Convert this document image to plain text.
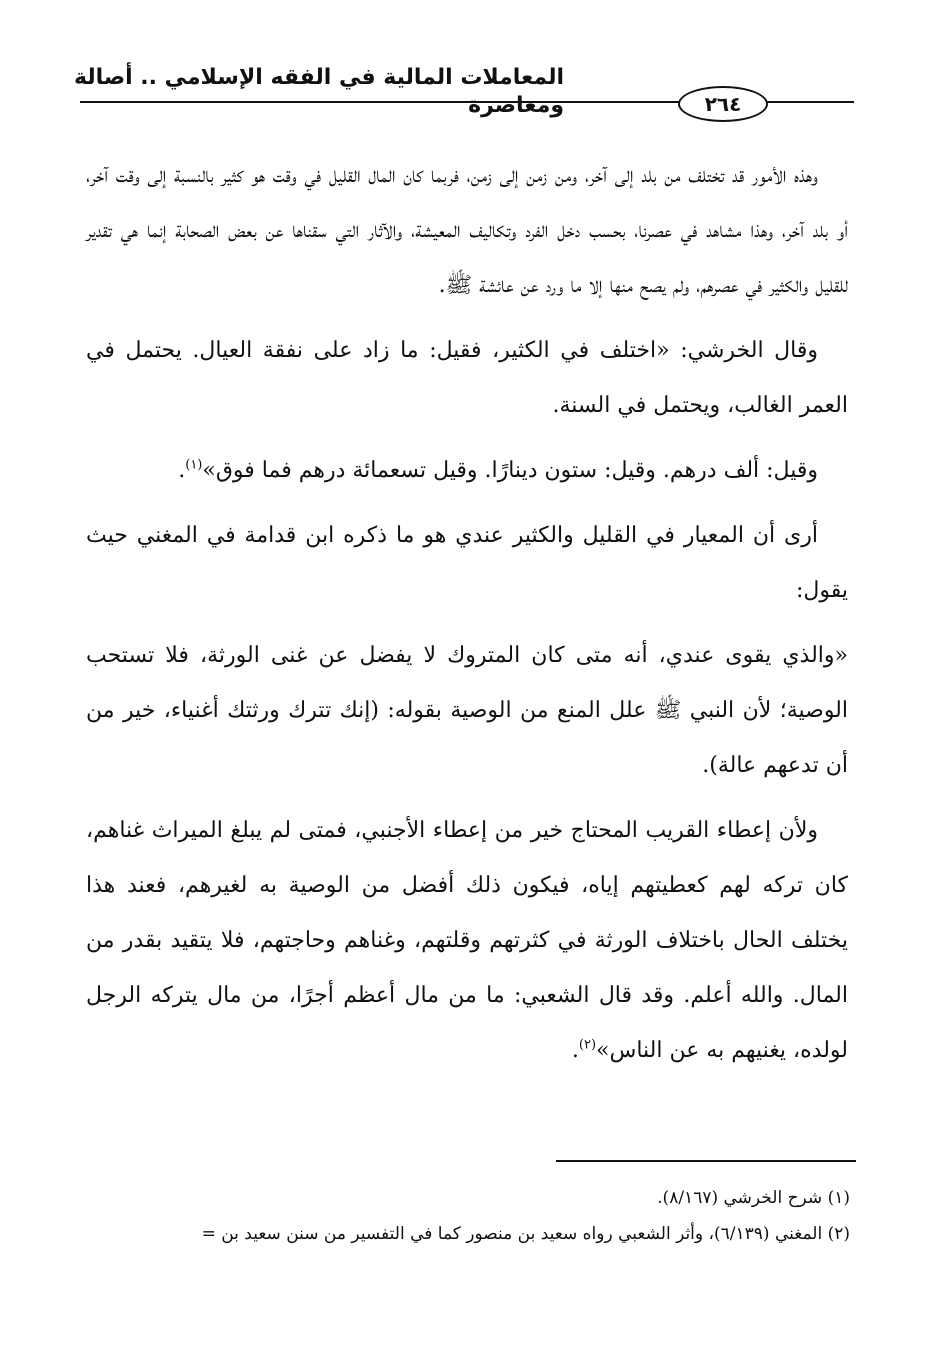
المعاملات المالية في الفقه الإسلامي .. أصالة ومعاصرة	٢٦٤

وهذه الأمور قد تختلف من بلد إلى آخر، ومن زمن إلى زمن، فربما كان المال القليل في وقت هو كثير بالنسبة إلى وقت آخر، أو بلد آخر، وهذا مشاهد في عصرنا، بحسب دخل الفرد وتكاليف المعيشة، والآثار التي سقناها عن بعض الصحابة إنما هي تقدير للقليل والكثير في عصرهم، ولم يصح منها إلا ما ورد عن عائشة ﷺ.

وقال الخرشي: «اختلف في الكثير، فقيل: ما زاد على نفقة العيال. يحتمل في العمر الغالب، ويحتمل في السنة.

وقيل: ألف درهم. وقيل: ستون دينارًا. وقيل تسعمائة درهم فما فوق»$^{(١)}$.

أرى أن المعيار في القليل والكثير عندي هو ما ذكره ابن قدامة في المغني حيث يقول:

«والذي يقوى عندي، أنه متى كان المتروك لا يفضل عن غنى الورثة، فلا تستحب الوصية؛ لأن النبي ﷺ علل المنع من الوصية بقوله: (إنك تترك ورثتك أغنياء، خير من أن تدعهم عالة).

ولأن إعطاء القريب المحتاج خير من إعطاء الأجنبي، فمتى لم يبلغ الميراث غناهم، كان تركه لهم كعطيتهم إياه، فيكون ذلك أفضل من الوصية به لغيرهم، فعند هذا يختلف الحال باختلاف الورثة في كثرتهم وقلتهم، وغناهم وحاجتهم، فلا يتقيد بقدر من المال. والله أعلم. وقد قال الشعبي: ما من مال أعظم أجرًا، من مال يتركه الرجل لولده، يغنيهم به عن الناس»$^{(٢)}$.

(١) شرح الخرشي (٨/١٦٧).
(٢) المغني (٦/١٣٩)، وأثر الشعبي رواه سعيد بن منصور كما في التفسير من سنن سعيد بن =
